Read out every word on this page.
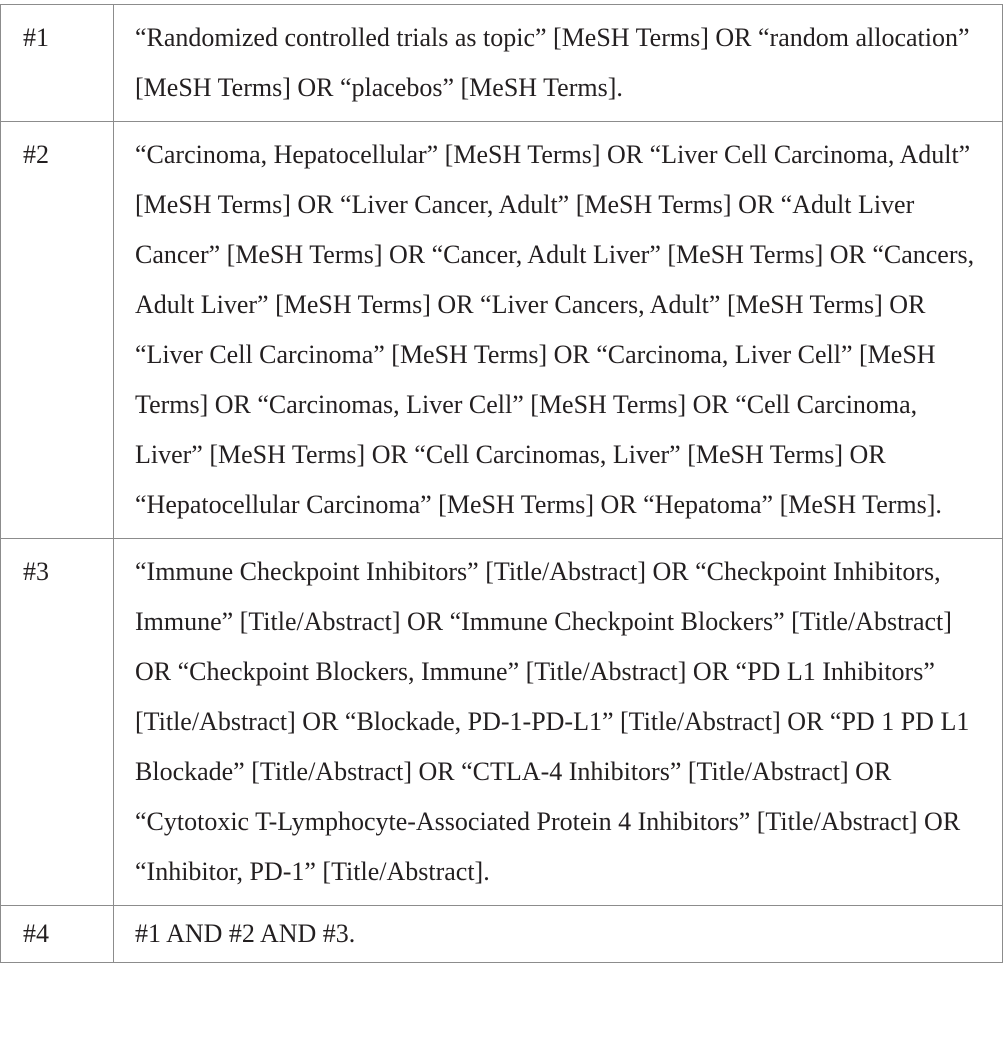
#1	“Randomized controlled trials as topic” [MeSH Terms] OR “random allocation” [MeSH Terms] OR “placebos” [MeSH Terms].
#2	“Carcinoma, Hepatocellular” [MeSH Terms] OR “Liver Cell Carcinoma, Adult” [MeSH Terms] OR “Liver Cancer, Adult” [MeSH Terms] OR “Adult Liver Cancer” [MeSH Terms] OR “Cancer, Adult Liver” [MeSH Terms] OR “Cancers, Adult Liver” [MeSH Terms] OR “Liver Cancers, Adult” [MeSH Terms] OR “Liver Cell Carcinoma” [MeSH Terms] OR “Carcinoma, Liver Cell” [MeSH Terms] OR “Carcinomas, Liver Cell” [MeSH Terms] OR “Cell Carcinoma, Liver” [MeSH Terms] OR “Cell Carcinomas, Liver” [MeSH Terms] OR “Hepatocellular Carcinoma” [MeSH Terms] OR “Hepatoma” [MeSH Terms].
#3	“Immune Checkpoint Inhibitors” [Title/Abstract] OR “Checkpoint Inhibitors, Immune” [Title/Abstract] OR “Immune Checkpoint Blockers” [Title/Abstract] OR “Checkpoint Blockers, Immune” [Title/Abstract] OR “PD L1 Inhibitors” [Title/Abstract] OR “Blockade, PD-1-PD-L1” [Title/Abstract] OR “PD 1 PD L1 Blockade” [Title/Abstract] OR “CTLA-4 Inhibitors” [Title/Abstract] OR “Cytotoxic T-Lymphocyte-Associated Protein 4 Inhibitors” [Title/Abstract] OR “Inhibitor, PD-1” [Title/Abstract].
#4	#1 AND #2 AND #3.
